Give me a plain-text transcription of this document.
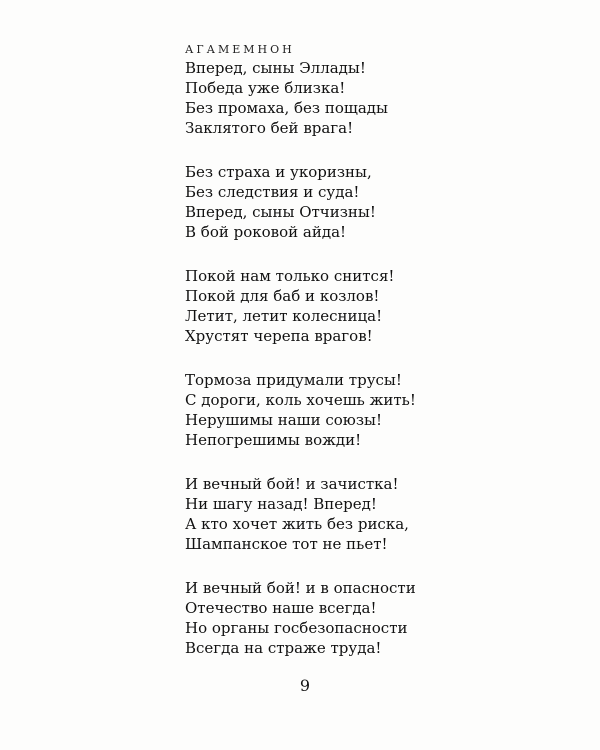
АГАМЕМНОН
Вперед, сыны Эллады!
Победа уже близка!
Без промаха, без пощады
Заклятого бей врага!
Без страха и укоризны,
Без следствия и суда!
Вперед, сыны Отчизны!
В бой роковой айда!
Покой нам только снится!
Покой для баб и козлов!
Летит, летит колесница!
Хрустят черепа врагов!
Тормоза придумали трусы!
С дороги, коль хочешь жить!
Нерушимы наши союзы!
Непогрешимы вожди!
И вечный бой! и зачистка!
Ни шагу назад! Вперед!
А кто хочет жить без риска,
Шампанское тот не пьет!
И вечный бой! и в опасности
Отечество наше всегда!
Но органы госбезопасности
Всегда на страже труда!
9
